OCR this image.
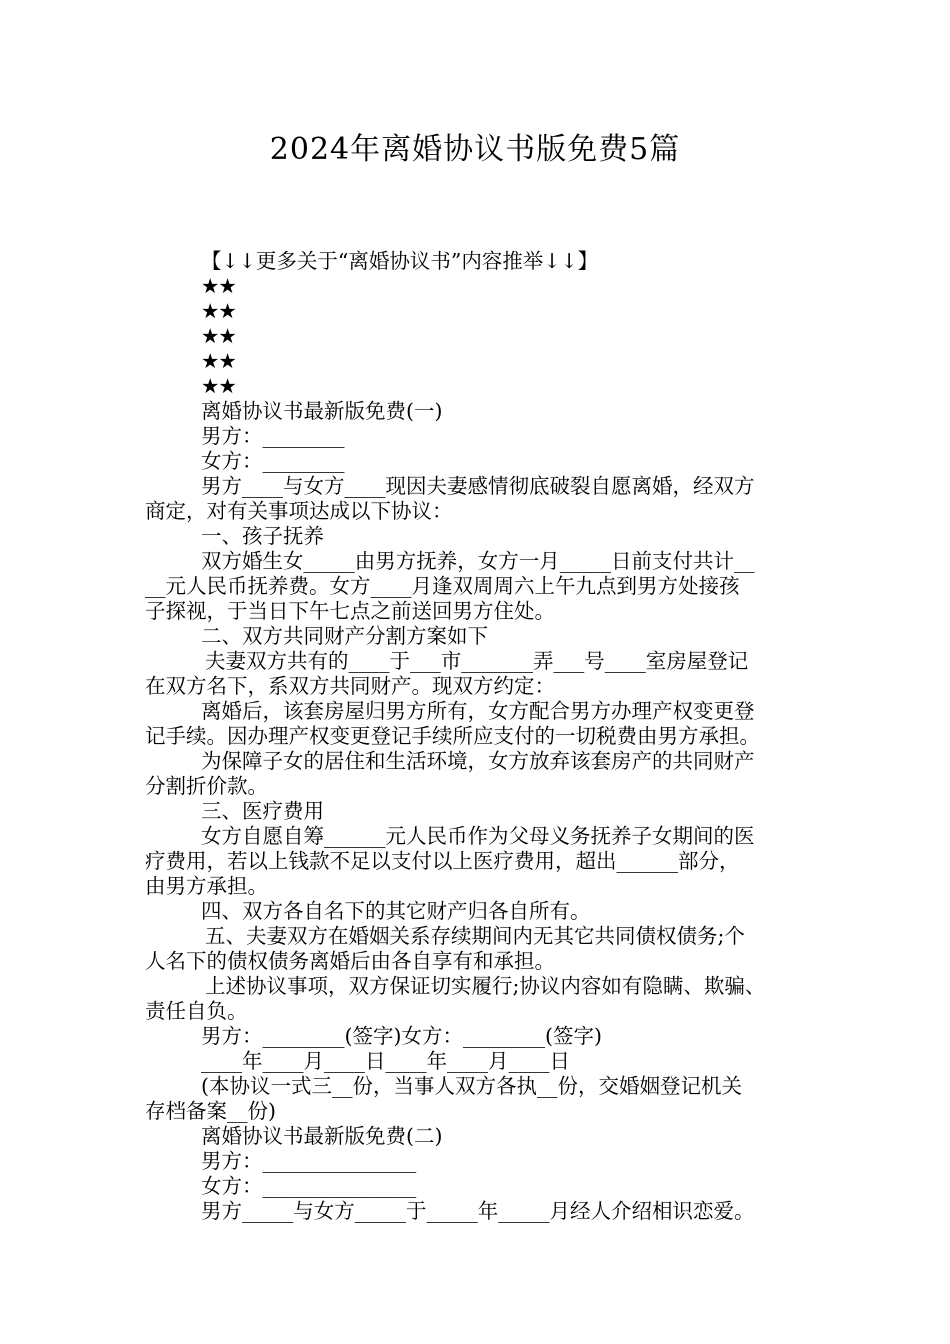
2024年离婚协议书版免费5篇
【↓↓更多关于“离婚协议书”内容推举↓↓】
★★
★★
★★
★★
★★
离婚协议书最新版免费(一)
男方：________
女方：________
男方____与女方____现因夫妻感情彻底破裂自愿离婚，经双方
商定，对有关事项达成以下协议：
一、孩子抚养
双方婚生女_____由男方抚养，女方一月_____日前支付共计__
__元人民币抚养费。女方____月逢双周周六上午九点到男方处接孩
子探视，于当日下午七点之前送回男方住处。
二、双方共同财产分割方案如下
夫妻双方共有的____于___市_______弄___号____室房屋登记
在双方名下，系双方共同财产。现双方约定：
离婚后，该套房屋归男方所有，女方配合男方办理产权变更登
记手续。因办理产权变更登记手续所应支付的一切税费由男方承担。
为保障子女的居住和生活环境，女方放弃该套房产的共同财产
分割折价款。
三、医疗费用
女方自愿自筹______元人民币作为父母义务抚养子女期间的医
疗费用，若以上钱款不足以支付以上医疗费用，超出______部分，
由男方承担。
四、双方各自名下的其它财产归各自所有。
五、夫妻双方在婚姻关系存续期间内无其它共同债权债务;个
人名下的债权债务离婚后由各自享有和承担。
上述协议事项，双方保证切实履行;协议内容如有隐瞒、欺骗、
责任自负。
男方：________(签字)女方：________(签字)
____年____月____日____年____月____日
(本协议一式三__份，当事人双方各执__份，交婚姻登记机关
存档备案__份)
离婚协议书最新版免费(二)
男方：_______________
女方：_______________
男方_____与女方_____于_____年_____月经人介绍相识恋爱。
